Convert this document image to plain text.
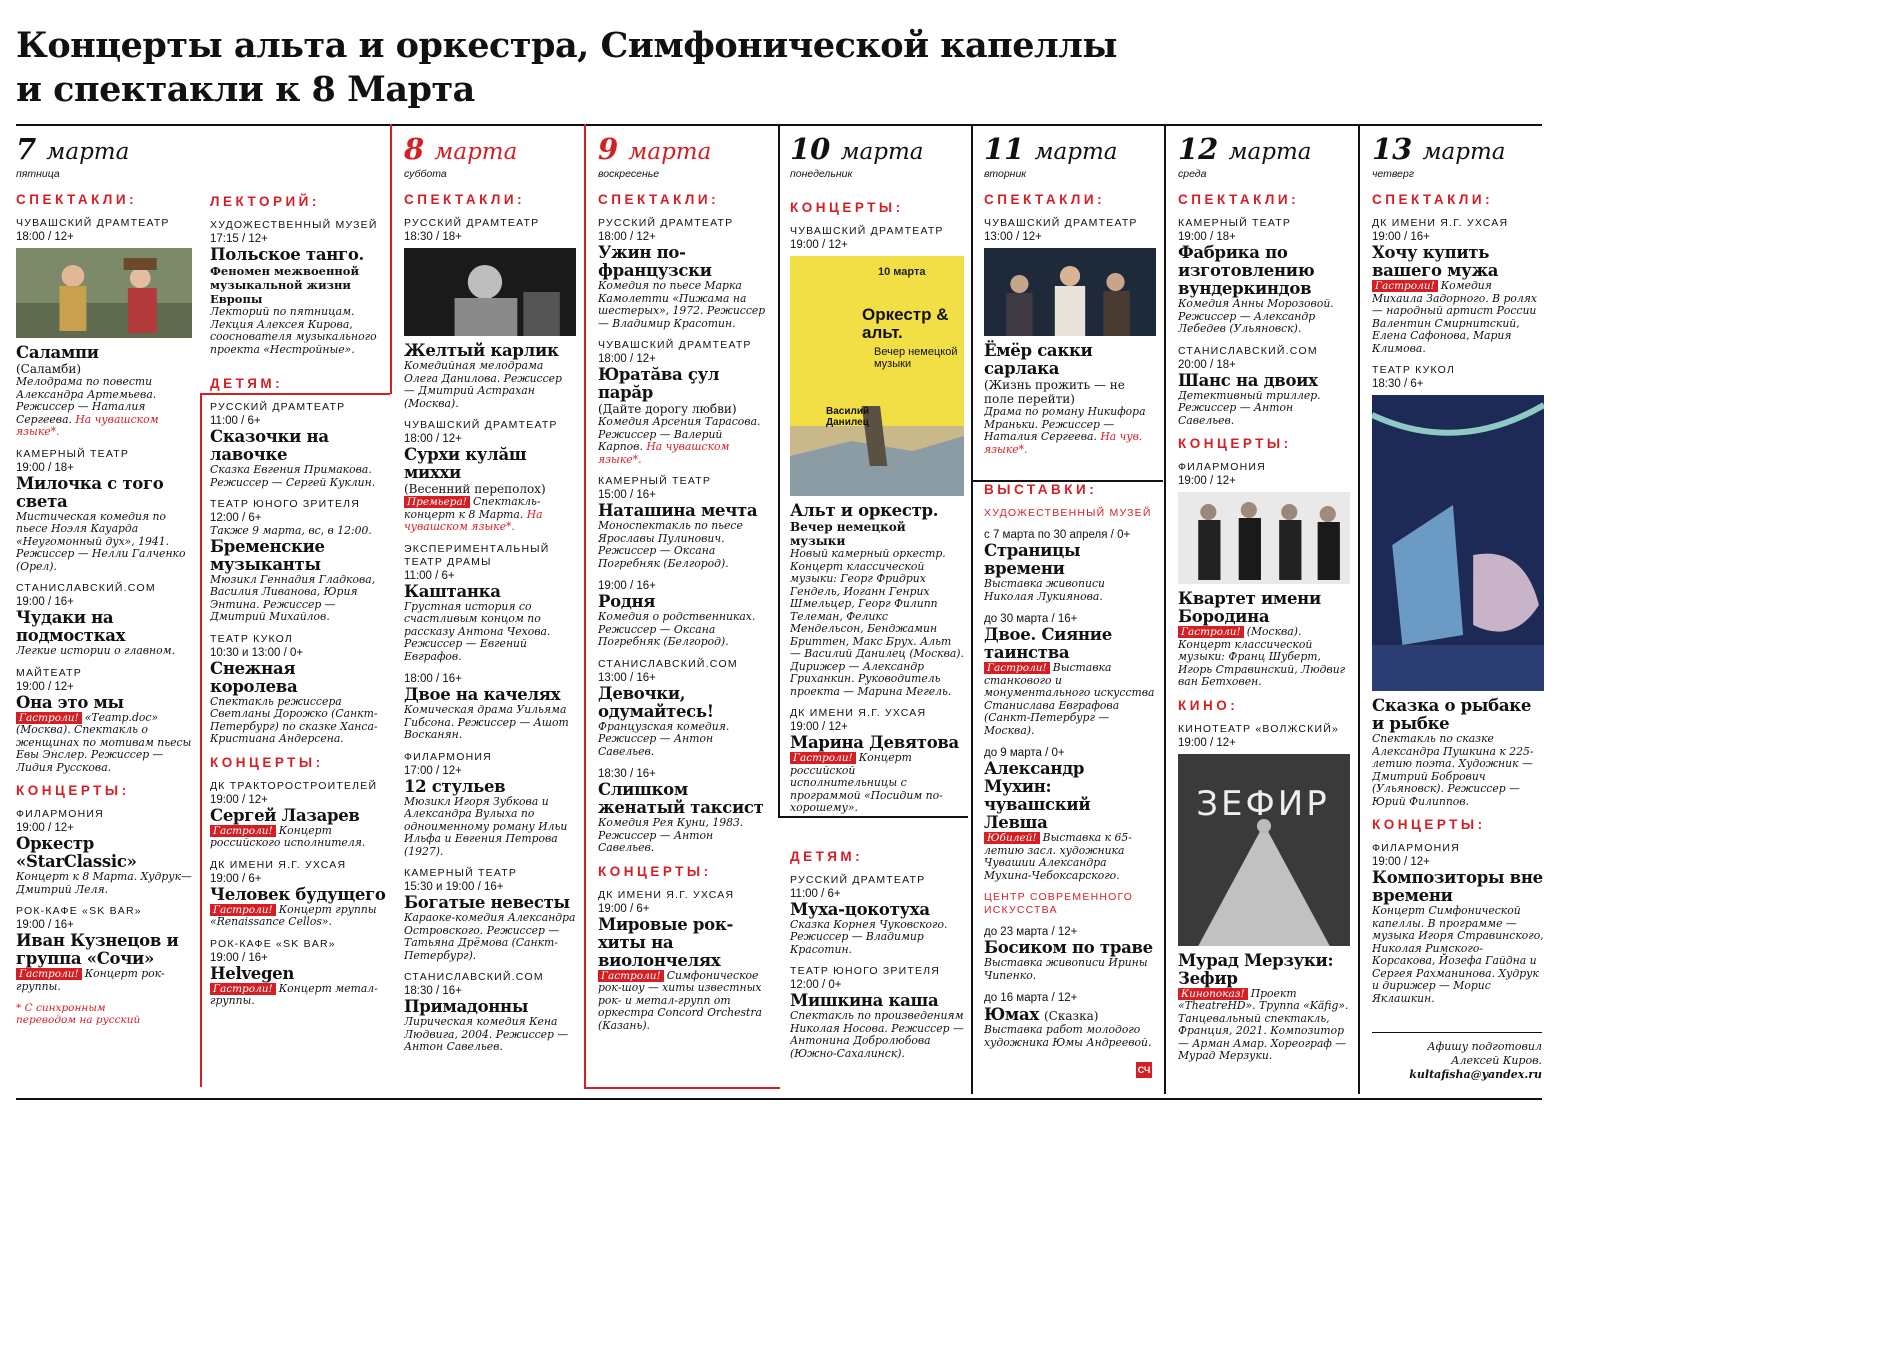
Концерты альта и оркестра, Симфонической капеллы
и спектакли к 8 Марта
7 марта
пятница
СПЕКТАКЛИ:
ЧУВАШСКИЙ ДРАМТЕАТР
18:00 / 12+
Салампи
(Саламби)
Мелодрама по повести Александра Артемьева. Режиссер — Наталия Сергеева. На чувашском языке*.
КАМЕРНЫЙ ТЕАТР
19:00 / 18+
Милочка с того света
Мистическая комедия по пьесе Ноэля Кауарда «Неугомонный дух», 1941. Режиссер — Нелли Галченко (Орел).
СТАНИСЛАВСКИЙ.COM
19:00 / 16+
Чудаки на подмостках
Легкие истории о главном.
МАЙТЕАТР
19:00 / 12+
Она это мы
Гастроли! «Театр.doc» (Москва). Спектакль о женщинах по мотивам пьесы Евы Энслер. Режиссер — Лидия Русскова.
КОНЦЕРТЫ:
ФИЛАРМОНИЯ
19:00 / 12+
Оркестр «StarClassic»
Концерт к 8 Марта. Худрук— Дмитрий Леля.
РОК-КАФЕ «SK BAR»
19:00 / 16+
Иван Кузнецов и группа «Сочи»
Гастроли! Концерт рок-группы.
* С синхронным переводом на русский
ЛЕКТОРИЙ:
ХУДОЖЕСТВЕННЫЙ МУЗЕЙ
17:15 / 12+
Польское танго.
Феномен межвоенной музыкальной жизни Европы
Лекторий по пятницам. Лекция Алексея Кирова, сооснователя музыкального проекта «Нестройные».
ДЕТЯМ:
РУССКИЙ ДРАМТЕАТР
11:00 / 6+
Сказочки на лавочке
Сказка Евгения Примакова. Режиссер — Сергей Куклин.
ТЕАТР ЮНОГО ЗРИТЕЛЯ
12:00 / 6+
Также 9 марта, вс, в 12:00.
Бременские музыканты
Мюзикл Геннадия Гладкова, Василия Ливанова, Юрия Энтина. Режиссер — Дмитрий Михайлов.
ТЕАТР КУКОЛ
10:30 и 13:00 / 0+
Снежная королева
Спектакль режиссера Светланы Дорожко (Санкт-Петербург) по сказке Ханса-Кристиана Андерсена.
КОНЦЕРТЫ:
ДК ТРАКТОРОСТРОИТЕЛЕЙ
19:00 / 12+
Сергей Лазарев
Гастроли! Концерт российского исполнителя.
ДК ИМЕНИ Я.Г. УХСАЯ
19:00 / 6+
Человек будущего
Гастроли! Концерт группы «Renaissance Cellos».
РОК-КАФЕ «SK BAR»
19:00 / 16+
Helvegen
Гастроли! Концерт метал-группы.
8 марта
суббота
СПЕКТАКЛИ:
РУССКИЙ ДРАМТЕАТР
18:30 / 18+
Желтый карлик
Комедийная мелодрама Олега Данилова. Режиссер — Дмитрий Астрахан (Москва).
ЧУВАШСКИЙ ДРАМТЕАТР
18:00 / 12+
Сурхи кулăш миххи
(Весенний переполох)
Премьера! Спектакль-концерт к 8 Марта. На чувашском языке*.
ЭКСПЕРИМЕНТАЛЬНЫЙ ТЕАТР ДРАМЫ
11:00 / 6+
Каштанка
Грустная история со счастливым концом по рассказу Антона Чехова. Режиссер — Евгений Евграфов.
18:00 / 16+
Двое на качелях
Комическая драма Уильяма Гибсона. Режиссер — Ашот Восканян.
ФИЛАРМОНИЯ
17:00 / 12+
12 стульев
Мюзикл Игоря Зубкова и Александра Вулыха по одноименному роману Ильи Ильфа и Евгения Петрова (1927).
КАМЕРНЫЙ ТЕАТР
15:30 и 19:00 / 16+
Богатые невесты
Караоке-комедия Александра Островского. Режиссер — Татьяна Дрёмова (Санкт-Петербург).
СТАНИСЛАВСКИЙ.COM
18:30 / 16+
Примадонны
Лирическая комедия Кена Людвига, 2004. Режиссер — Антон Савельев.
9 марта
воскресенье
СПЕКТАКЛИ:
РУССКИЙ ДРАМТЕАТР
18:00 / 12+
Ужин по-французски
Комедия по пьесе Марка Камолетти «Пижама на шестерых», 1972. Режиссер — Владимир Красотин.
ЧУВАШСКИЙ ДРАМТЕАТР
18:00 / 12+
Юратăва çул парăр
(Дайте дорогу любви)
Комедия Арсения Тарасова. Режиссер — Валерий Карпов. На чувашском языке*.
КАМЕРНЫЙ ТЕАТР
15:00 / 16+
Наташина мечта
Моноспектакль по пьесе Ярославы Пулинович. Режиссер — Оксана Погребняк (Белгород).
19:00 / 16+
Родня
Комедия о родственниках. Режиссер — Оксана Погребняк (Белгород).
СТАНИСЛАВСКИЙ.COM
13:00 / 16+
Девочки, одумайтесь!
Французская комедия. Режиссер — Антон Савельев.
18:30 / 16+
Слишком женатый таксист
Комедия Рея Куни, 1983. Режиссер — Антон Савельев.
КОНЦЕРТЫ:
ДК ИМЕНИ Я.Г. УХСАЯ
19:00 / 6+
Мировые рок-хиты на виолончелях
Гастроли! Симфоническое рок-шоу — хиты известных рок- и метал-групп от оркестра Concord Orchestra (Казань).
10 марта
понедельник
КОНЦЕРТЫ:
ЧУВАШСКИЙ ДРАМТЕАТР
19:00 / 12+
10 марта
Оркестр & альт.
Вечер немецкой музыки
Василий Данилец
Альт и оркестр.
Вечер немецкой музыки
Новый камерный оркестр. Концерт классической музыки: Георг Фридрих Гендель, Иоганн Генрих Шмельцер, Георг Филипп Телеман, Феликс Мендельсон, Бенджамин Бриттен, Макс Брух. Альт — Василий Данилец (Москва). Дирижер — Александр Гриханкин. Руководитель проекта — Марина Мегель.
ДК ИМЕНИ Я.Г. УХСАЯ
19:00 / 12+
Марина Девятова
Гастроли! Концерт российской исполнительницы с программой «Посидим по-хорошему».
ДЕТЯМ:
РУССКИЙ ДРАМТЕАТР
11:00 / 6+
Муха-цокотуха
Сказка Корнея Чуковского. Режиссер — Владимир Красотин.
ТЕАТР ЮНОГО ЗРИТЕЛЯ
12:00 / 0+
Мишкина каша
Спектакль по произведениям Николая Носова. Режиссер — Антонина Добролюбова (Южно-Сахалинск).
11 марта
вторник
СПЕКТАКЛИ:
ЧУВАШСКИЙ ДРАМТЕАТР
13:00 / 12+
Ёмёр сакки сарлака
(Жизнь прожить — не поле перейти)
Драма по роману Никифора Мраньки. Режиссер — Наталия Сергеева. На чув. языке*.
ВЫСТАВКИ:
ХУДОЖЕСТВЕННЫЙ МУЗЕЙ
с 7 марта по 30 апреля / 0+
Страницы времени
Выставка живописи Николая Лукиянова.
до 30 марта / 16+
Двое. Сияние таинства
Гастроли! Выставка станкового и монументального искусства Станислава Евграфова (Санкт-Петербург — Москва).
до 9 марта / 0+
Александр Мухин: чувашский Левша
Юбилей! Выставка к 65-летию засл. художника Чувашии Александра Мухина-Чебоксарского.
ЦЕНТР СОВРЕМЕННОГО ИСКУССТВА
до 23 марта / 12+
Босиком по траве
Выставка живописи Ирины Чипенко.
до 16 марта / 12+
Юмах (Сказка)
Выставка работ молодого художника Юмы Андреевой.
12 марта
среда
СПЕКТАКЛИ:
КАМЕРНЫЙ ТЕАТР
19:00 / 18+
Фабрика по изготовлению вундеркиндов
Комедия Анны Морозовой. Режиссер — Александр Лебедев (Ульяновск).
СТАНИСЛАВСКИЙ.COM
20:00 / 18+
Шанс на двоих
Детективный триллер. Режиссер — Антон Савельев.
КОНЦЕРТЫ:
ФИЛАРМОНИЯ
19:00 / 12+
Квартет имени Бородина
Гастроли! (Москва). Концерт классической музыки: Франц Шуберт, Игорь Стравинский, Людвиг ван Бетховен.
КИНО:
КИНОТЕАТР «ВОЛЖСКИЙ»
19:00 / 12+
ЗЕФИР
Мурад Мерзуки: Зефир
Кинопоказ! Проект «TheatreHD». Труппа «Käfig». Танцевальный спектакль, Франция, 2021. Композитор — Арман Амар. Хореограф — Мурад Мерзуки.
13 марта
четверг
СПЕКТАКЛИ:
ДК ИМЕНИ Я.Г. УХСАЯ
19:00 / 16+
Хочу купить вашего мужа
Гастроли! Комедия Михаила Задорного. В ролях — народный артист России Валентин Смирнитский, Елена Сафонова, Мария Климова.
ТЕАТР КУКОЛ
18:30 / 6+
Сказка о рыбаке и рыбке
Спектакль по сказке Александра Пушкина к 225-летию поэта. Художник — Дмитрий Бобрович (Ульяновск). Режиссер — Юрий Филиппов.
КОНЦЕРТЫ:
ФИЛАРМОНИЯ
19:00 / 12+
Композиторы вне времени
Концерт Симфонической капеллы. В программе — музыка Игоря Стравинского, Николая Римского-Корсакова, Йозефа Гайдна и Сергея Рахманинова. Худрук и дирижер — Морис Яклашкин.
Афишу подготовил
Алексей Киров.
kultafisha@yandex.ru
СЧ
